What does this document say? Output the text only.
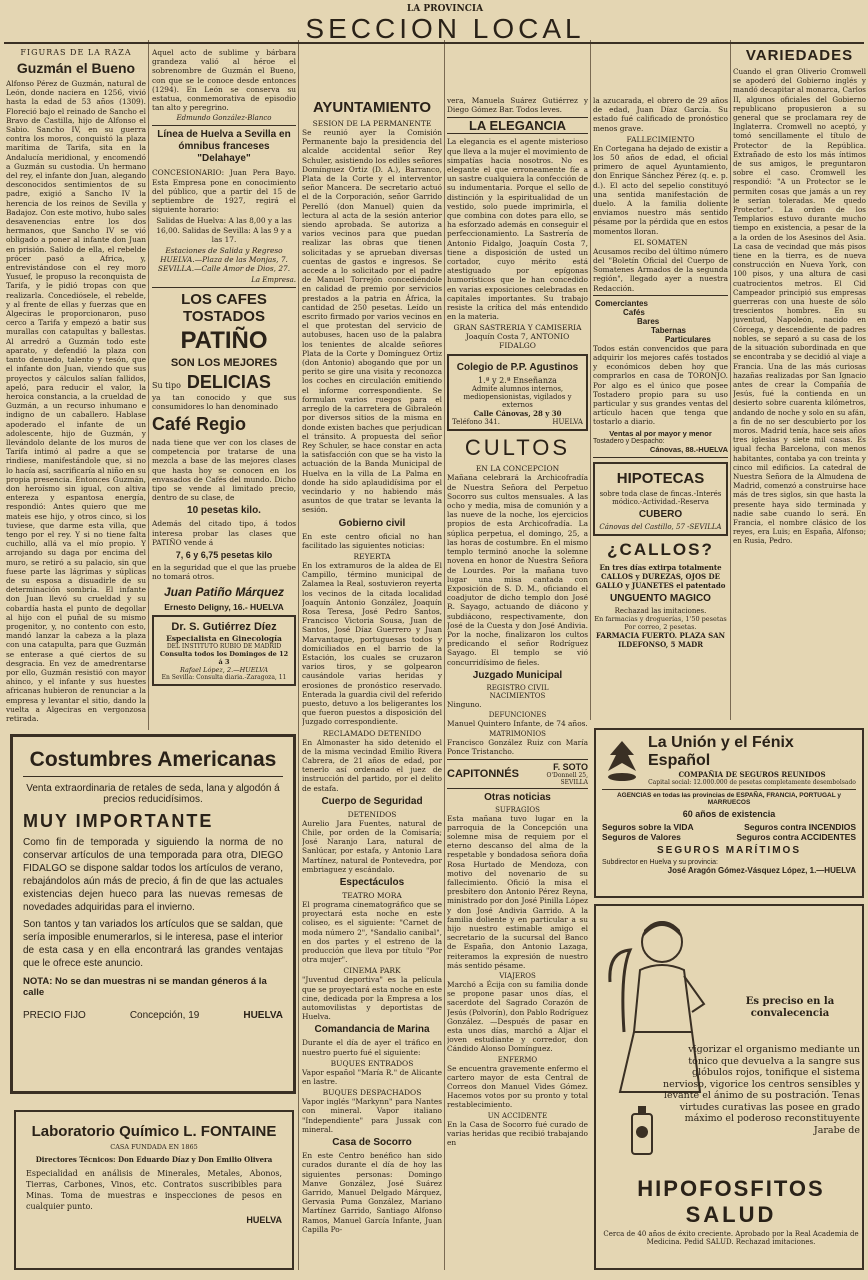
LA PROVINCIA
SECCION LOCAL
FIGURAS DE LA RAZA
Guzmán el Bueno

Alfonso Pérez de Guzmán, natural de León, donde naciera en 1256, vivió hasta la edad de 53 años (1309). Floreció bajo el reinado de Sancho el Bravo de Castilla, hijo de Alfonso el Sabio. Sancho IV, en su guerra contra los moros, conquistó la plaza marítima de Tarifa, sita en la Andalucía meridional, y encomendó a Guzmán su custodia. Un hermano del rey, el infante don Juan, alegando desconocidos sentimientos de su padre, exigió a Sancho IV la herencia de los reinos de Sevilla y Badajoz. Con este motivo, hubo sales desavenencias entre los dos hermanos, que Sancho IV se vió obligado a poner al infante don Juan en prisión. Salido de ella, el rebelde prócer pasó a Africa, y, entrevistándose con el rey moro Yusuef, le propuso la reconquista de Tarifa, y le pidió tropas con que realizarla. Concediósele, el rebelde, y al frente de ellas y fuerzas que en Algeciras le proporcionaron, puso cerco a Tarifa y empezó a batir sus murallas con catapultas y ballestas. Al arredró a Guzmán todo este aparato, y defendió la plaza con tanto denuedo, talento y tesón, que el infante don Juan, viendo que sus proyectos y cálculos salían fallidos, apeló, para reducir el valor, la heroica constancia, a la crueldad de Guzmán, a un recurso inhumano e indigno de un caballero. Hablase apoderado el infante de un adolescente, hijo de Guzmán, y llevándolo delante de los muros de Tarifa intimó al padre a que se rindiese, manifestándole que, si no lo hacía así, sacrificaría al niño en su propia presencia. Entonces Guzmán, don heroísmo sin igual, con altiva entereza y espantosa energía, respondió: Antes quiero que me mateis ese hijo, y otros cinco, si los tuviese, que darme esta villa, que tengo por el rey. Y si no tiene falta cuchillo, allá va el mío propio. Y arrojando su daga por encima del muro, se retiró a su palacio, sin que fuese parte las lágrimas y súplicas de su esposa a disuadirle de su determinación sombría. El infante don Juan llevó su crueldad y su cobardía hasta el punto de degollar al hijo con el puñal de su mismo progenitor, y, no contento con esto, mandó lanzar la cabeza a la plaza con una catapulta, para que Guzmán se enterase a qué ciertos de su desgracia. En vez de amedrentarse por ello, Guzmán resistió con mayor ahinco, y el infante y sus huestes africanas hubieron de renunciar a la empresa y levantar el sitio, dando la vuelta a Algeciras en vergonzosa retirada.

Aquel acto de sublime y bárbara grandeza valió al héroe el sobrenombre de Guzmán el Bueno, con que se le conoce desde entonces (1294). En León se conserva su estatua, conmemorativa de episodio tan alto y peregrino.

Edmundo González-Blanco
Línea de Huelva a Sevilla en ómnibus franceses "Delahaye"

CONCESIONARIO: Juan Pera Bayo. Esta Empresa pone en conocimiento del público, que a partir del 15 de septiembre de 1927, regirá el siguiente horario:

Salidas de Huelva: A las 8,00 y a las 16,00. Salidas de Sevilla: A las 9 y a las 17.

Estaciones de Salida y Regreso HUELVA.—Plaza de las Monjas, 7. SEVILLA.—Calle Amor de Dios, 27.

La Empresa.
LOS CAFES TOSTADOS
PATIÑO
SON LOS MEJORES
Su tipo DELICIAS

ya tan conocido y que sus consumidores lo han denominado

Café Regio

nada tiene que ver con los clases de competencia por tratarse de una mezcla a base de las mejores clases que hasta hoy se conocen en los envasados de Cafés del mundo. Dicho tipo se vende al limitado precio, dentro de su clase, de

10 pesetas kilo.

Además del citado tipo, á todos interesa probar las clases que PATIÑO vende á

7, 6 y 6,75 pesetas kilo

en la seguridad que el que las pruebe no tomará otros.

Juan Patiño Márquez
Ernesto Deligny, 16.- HUELVA
Dr. S. Gutiérrez Díez
Especialista en Ginecología
DEL INSTITUTO RUBIO DE MADRID
Consulta todos los Domingos de 12 á 3
Rafael López, 2.—HUELVA
En Sevilla: Consulta diaria.-Zaragoza, 11
Costumbres Americanas
Venta extraordinaria de retales de seda, lana y algodón á precios reducidísimos.
MUY IMPORTANTE

Como fin de temporada y siguiendo la norma de no conservar artículos de una temporada para otra, DIEGO FIDALGO se dispone saldar todos los artículos de verano, rebajándolos aún más de precio, á fin de que las actuales existencias dejen hueco para las nuevas remesas de novedades adquiridas para el invierno.

Son tantos y tan variados los artículos que se saldan, que sería imposible enumerarlos, si le interesa, pase el interior de esta casa y en ella encontrará las grandes ventajas que le ofrece este anuncio.

NOTA: No se dan muestras ni se mandan géneros á la calle
PRECIO FIJO	Concepción, 19	HUELVA
Laboratorio Químico L. FONTAINE
CASA FUNDADA EN 1865
Directores Técnicos: Don Eduardo Díaz y Don Emilio Olivera

Especialidad en análisis de Minerales, Metales, Abonos, Tierras, Carbones, Vinos, etc. Contratos suscribibles para Minas. Toma de muestras e inspecciones de pesos en cualquier punto.

HUELVA
AYUNTAMIENTO
SESION DE LA PERMANENTE

Se reunió ayer la Comisión Permanente bajo la presidencia del alcalde accidental señor Rey Schuler, asistiendo los ediles señores Domínguez Ortiz (D. A.), Barranco, Plata de la Corte y el interventor señor Mancera. De secretario actuó el de la Corporación, señor Garrido Perelló (don Manuel) quien da lectura al acta de la sesión anterior siendo aprobada. Se autoriza a varios vecinos para que puedan realizar las obras que tienen solicitadas y se aprueban diversas cuentas de gastos e ingresos. Se accede a lo solicitado por el padre de Manuel Torrejón concediéndole en calidad de premio por servicios prestados a la patria en África, la cantidad de 250 pesetas. Leído un escrito firmado por varios vecinos en el que protestan del servicio de autobuses, hacen uso de la palabra los tenientes de alcalde señores Plata de la Corte y Domínguez Ortiz (don Antonio) abogando que por un perito se gire una visita y reconozca los coches en circulación emitiendo el informe correspondiente. Se formulan varios ruegos para el arreglo de la carretera de Gibraleón por diversos sitios de la misma en donde existen baches que perjudican el tránsito. A propuesta del señor Rey Schuler, se hace constar en acta la satisfacción con que se ha visto la actuación de la Banda Municipal de Huelva en la villa de La Palma en donde ha sido aplaudidísima por el vecindario y no habiendo más asuntos de que tratar se levanta la sesión.

Gobierno civil

En este centro oficial no han facilitado las siguientes noticias:

REYERTA

En los extramuros de la aldea de El Campillo, término municipal de Zalamea la Real, sostuvieron reyerta los vecinos de la citada localidad Joaquín Antonio González, Joaquín Rosa Teresa, José Pedro Santos, Francisco Victoria Sousa, Juan de Santos, José Díaz Guerrero y Juan Marvantaque, portuguesas todos y domiciliados en el barrio de la Estación, los cuales se cruzaron varios tiros, y se golpearon causándole varias heridas y erosiones de pronóstico reservado. Enterada la guardia civil del referido puesto, detuvo a los beligerantes los que fueron puestos a disposición del Juzgado correspondiente.

RECLAMADO DETENIDO

En Almonaster ha sido detenido el de la misma vecindad Emilio Rivera Cabrera, de 21 años de edad, por tenerlo así ordenado el juez de instrucción del partido, por el delito de estafa.

Cuerpo de Seguridad
DETENIDOS

Aurelio Jara Fuentes, natural de Chile, por orden de la Comisaría; José Naranjo Lara, natural de Sanlúcar, por estafa, y Antonio Lara Martínez, natural de Pontevedra, por embriaguez y escándalo.

Espectáculos
TEATRO MORA

El programa cinematográfico que se proyectará esta noche en este coliseo, es el siguiente: "Carnet de moda número 2", "Sandalio canibal", en dos partes y el estreno de la producción que lleva por título "Por otra mujer".

CINEMA PARK

"Juventud deportiva" es la película que se proyectará esta noche en este cine, dedicada por la Empresa a los automovilistas y deportistas de Huelva.

Comandancia de Marina

Durante el día de ayer el tráfico en nuestro puerto fué el siguiente:

BUQUES ENTRADOS

Vapor español "María R." de Alicante en lastre.

BUQUES DESPACHADOS

Vapor inglés "Markynn" para Nantes con mineral. Vapor italiano "Independiente" para Jussak con mineral.

Casa de Socorro

En este Centro benéfico han sido curados durante el día de hoy las siguientes personas: Domingo Manve González, José Suárez Garrido, Manuel Delgado Márquez, Gervasia Puma González, Mariano Martínez Garrido, Santiago Alfonso Ramos, Manuel García Infante, Juan Capilla Po-

vera, Manuela Suárez Gutiérrez y Diego Gómez Bar. Todos leves.

LA ELEGANCIA

La elegancia es el agente misterioso que lleva a la mujer el movimiento de simpatías hacia nosotros. No es elegante el que erroneamente fíe a un sastre cualquiera la confección de su indumentaria. Porque el sello de distinción y la espiritualidad de un vestido, solo puede imprimirla, el que combina con dotes para ello, se ha esforzado además en conseguir el perfeccionamiento. La Sastrería de Antonio Fidalgo, Joaquín Costa 7, tiene a disposición de usted un cortador, cuyo mérito está atestiguado por epígonas humorísticos que le han concedido en varias exposiciones celebradas en capitales importantes. Su trabajo resiste la crítica del más entendido en la materia.

GRAN SASTRERIA Y CAMISERIA
Joaquín Costa 7, ANTONIO FIDALGO
Colegio de P.P. Agustinos
1.ª y 2.ª Enseñanza
Admite alumnos internos, mediopensionistas, vigilados y externos
Calle Cánovas, 28 y 30
Teléfono 341.	HUELVA
CULTOS
EN LA CONCEPCION

Mañana celebrará la Archicofradía de Nuestra Señora del Perpetuo Socorro sus cultos mensuales. A las ocho y media, misa de comunión y a las nueve de la noche, los ejercicios propios de esta Archicofradía. La súplica perpetua, el domingo, 25, a las horas de costumbre. En el mismo templo terminó anoche la solemne novena en honor de Nuestra Señora de Lourdes. Por la mañana tuvo lugar una misa cantada con Exposición de S. D. M., oficiando el coadjutor de dicho templo don José R. Sayago, actuando de diácono y subdiácono, respectivamente, don José de la Cuesta y don José Andivia. Por la noche, finalizaron los cultos predicando el señor Rodríguez Sayago. El templo se vió concurridísimo de fieles.

Juzgado Municipal
REGISTRO CIVIL
NACIMIENTOS

Ninguno.

DEFUNCIONES

Manuel Quintero Infante, de 74 años.

MATRIMONIOS

Francisco González Ruiz con María Ponce Tristancho.

CAPITONNÉS
F. SOTO
O'Donnell 25, SEVILLA
Otras noticias
SUFRAGIOS

Esta mañana tuvo lugar en la parroquia de la Concepción una solemne misa de requiem por el eterno descanso del alma de la respetable y bondadosa señora doña Rosa Hurtado de Mendoza, con motivo del novenario de su fallecimiento. Ofició la misa el presbítero don Antonio Pérez Reyna, ministrado por don José Pinilla López y don José Andivia Garrido. A la familia doliente y en particular a su hijo nuestro estimable amigo el secretario de la sucursal del Banco de España, don Antonio Lazaga, reiteramos la expresión de nuestro más sentido pésame.

VIAJEROS

Marchó a Écija con su familia donde se propone pasar unos días, el sacerdote del Sagrado Corazón de Jesús (Polvorín), don Pablo Rodríguez González. —Después de pasar en esta unos días, marchó a Aljar el joven estudiante y corredor, don Cándido Alonso Domínguez.

ENFERMO

Se encuentra gravemente enfermo el cartero mayor de esta Central de Correos don Manuel Vides Gómez. Hacemos votos por su pronto y total restablecimiento.

UN ACCIDENTE

En la Casa de Socorro fué curado de varias heridas que recibió trabajando en

la azucarada, el obrero de 29 años de edad, Juan Díaz García. Su estado fué calificado de pronóstico menos grave.

FALLECIMIENTO

En Cortegana ha dejado de existir a los 50 años de edad, el oficial primero de aquel Ayuntamiento, don Enrique Sánchez Pérez (q. e. p. d.). El acto del sepelio constituyó una sentida manifestación de duelo. A la familia doliente enviamos nuestro más sentido pésame por la pérdida que en estos momentos lloran.

EL SOMATEN

Acusamos recibo del último número del "Boletín Oficial del Cuerpo de Somatenes Armados de la segunda región", llegado ayer a nuestra Redacción.

Comerciantes
Cafés
Bares
Tabernas
Particulares

Todos están convencidos que para adquirir los mejores cafés tostados y económicos deben hoy que comprarlos en casa de TORONJO. Por algo es el único que posee Tostadero propio para su uso particular y sus grandes ventas del artículo hacen que tenga que tostarlo a diario.

Ventas al por mayor y menor
Tostadero y Despacho:
Cánovas, 88.-HUELVA
HIPOTECAS
sobre toda clase de fincas.-Interés módico.-Actividad.-Reserva
CUBERO
Cánovas del Castillo, 57 -SEVILLA
¿CALLOS?
En tres días extirpa totalmente CALLOS y DUREZAS, OJOS DE GALLO y JUANETES el patentado
UNGUENTO MAGICO
Rechazad las imitaciones.
En farmacias y droguerías, 1'50 pesetas Por correo, 2 pesetas.
FARMACIA FUERTO. PLAZA SAN ILDEFONSO, 5 MADR
VARIEDADES

Cuando el gran Oliverio Cromwell se apoderó del Gobierno inglés y mandó decapitar al monarca, Carlos II, algunos oficiales del Gobierno republicano propusieron a su general que se proclamara rey de Inglaterra. Cromwell no aceptó, y tomó sencillamente el título de Protector de la República. Extrañado de esto los más íntimos de sus amigos, le preguntaron sobre el caso. Cromwell les respondió: "A un Protector se le permiten cosas que jamás a un rey le serían toleradas. Me quedo Protector". La orden de los Templarios estuvo durante mucho tiempo en existencia, a pesar de la a la orden de los Asesinos del Asia. La casa de vecindad que más pisos tiene en la tierra, es de nueva construcción en Nueva York, con 100 pisos, y una altura de casi cuatrocientos metros. El Cid Campeador principió sus empresas guerreras con una hueste de sólo trescientos hombres. En su juventud, Napoleón, nacido en Córcega, y descendiente de padres nobles, se separó a su casa de los de la situación subordinada en que se encontraba y se decidió al viaje a Francia. Una de las más curiosas hazañas realizadas por San Ignacio antes de crear la Compañía de Jesús, fué la contienda en un desierto sobre cuarenta kilómetros, andando de noche y solo en su afán, a fin de no ser descubierto por los moros. Madrid tenía, hace seis años tres iglesias y siete mil casas. Es igual fecha Barcelona, con menos habitantes, contaba ya con treinta y cinco mil edificios. La catedral de Nuestra Señora de la Almudena de Madrid, comenzó a construirse hace más de tres siglos, sin que hasta la presente haya sido terminada y nadie sabe cuando lo será. En Francia, el nombre clásico de los reyes, era Luis; en España, Alfonso; en Rusia, Pedro.

La Unión y el Fénix Español
COMPAÑIA DE SEGUROS REUNIDOS
Capital social: 12.000.000 de pesetas completamente desembolsado
AGENCIAS en todas las provincias de ESPAÑA, FRANCIA, PORTUGAL y MARRUECOS
60 años de existencia
Seguros sobre la VIDA	Seguros contra INCENDIOS
Seguros de Valores	Seguros contra ACCIDENTES
SEGUROS MARÍTIMOS
Subdirector en Huelva y su provincia:
José Aragón Gómez-Vásquez López, 1.—HUELVA
Es preciso en la convalecencia

vigorizar el organismo mediante un tónico que devuelva a la sangre sus glóbulos rojos, tonifique el sistema nervioso, vigorice los centros sensibles y levante el ánimo de su postración. Tenas virtudes curativas las posee en grado máximo el poderoso reconstituyente Jarabe de

HIPOFOSFITOS
SALUD
Cerca de 40 años de éxito creciente. Aprobado por la Real Academia de Medicina. Pedid SALUD. Rechazad imitaciones.
